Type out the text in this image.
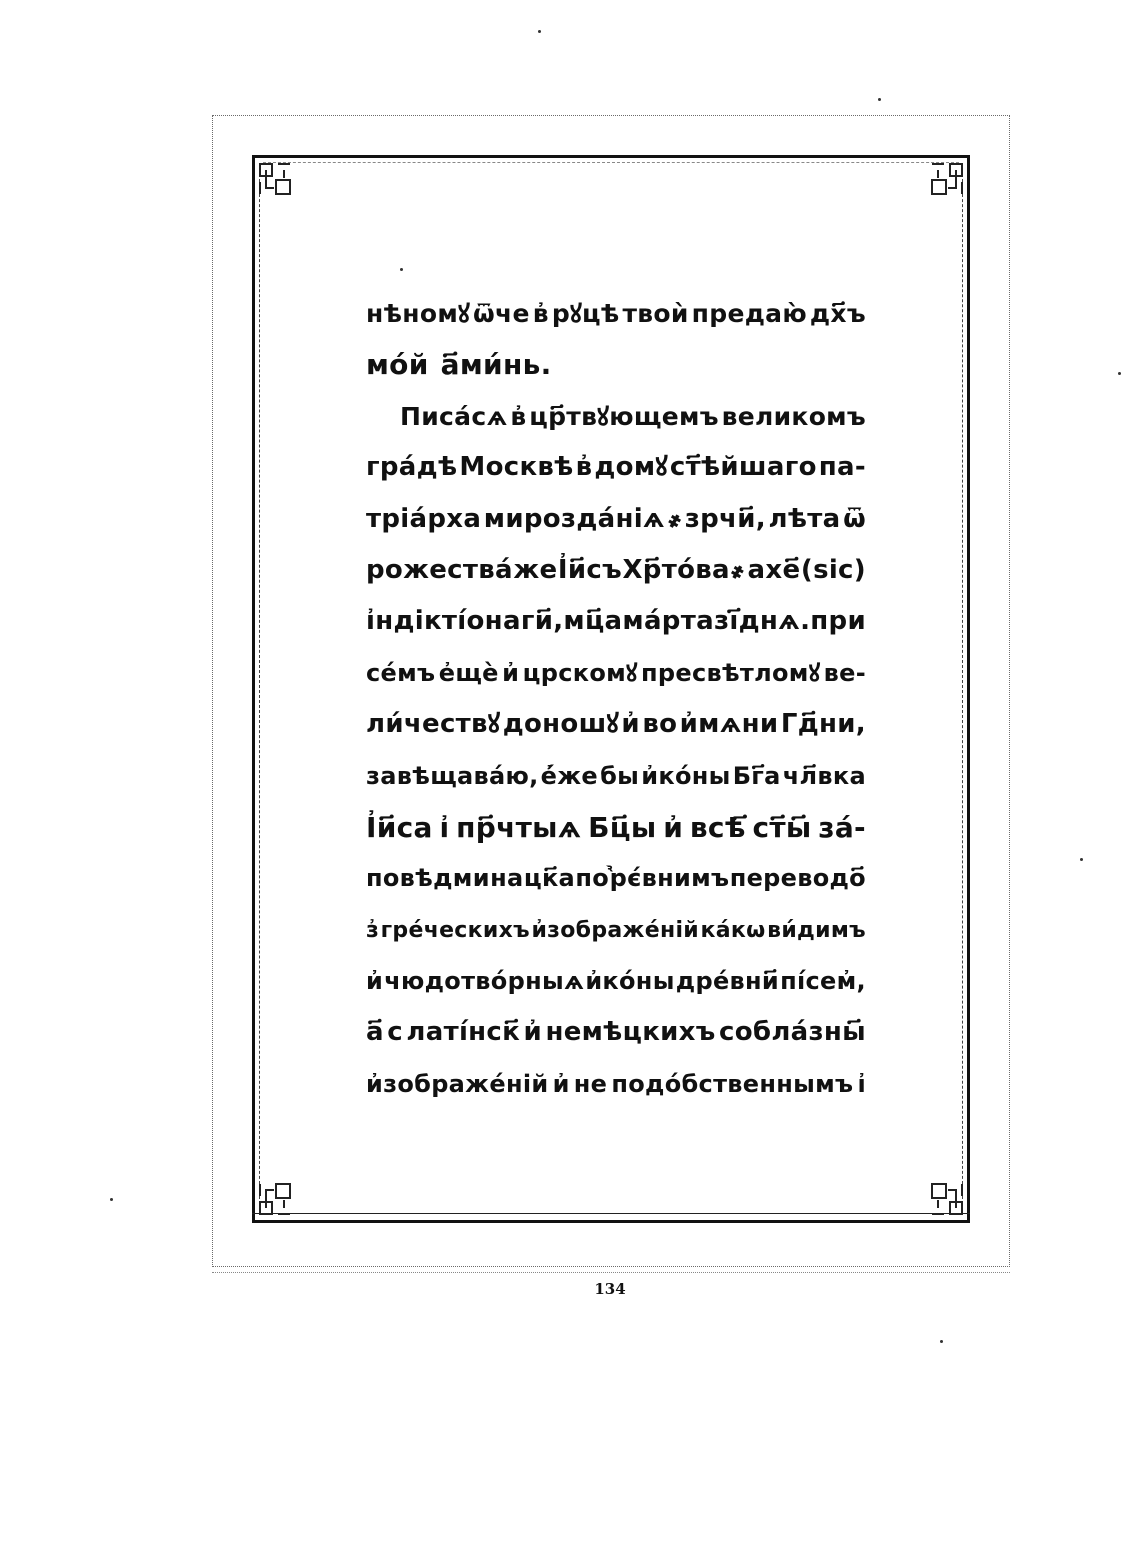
нѣномꙋ ѿче в҆ рꙋцѣ твоѝ предаю̀ дх҃ъ
мо́й а҃ми́нь.
Писа́сѧ в҆ цр҃твꙋющемъ великомъ
гра́дѣ Москвѣ в҆ домꙋ ст҃ѣйшаго па-
тріа́рха мирозда́ніѧ ҂зрчи҃, лѣта ѿ
рожества́ же І҆и҃съ Хр҃то́ва ҂ахе҃ (sic)
і҆ндікті́она ги҃, мц҃а ма́рта зі҃ днѧ. при
се́мъ е҆щѐ и҆ црскомꙋ пресвѣтломꙋ ве-
ли́чествꙋ доношꙋ и҆ во и҆мѧни Гд҃ни,
завѣщава́ю, е҆́же бы и҆ко́ны Бг҃а чл҃вка
І҆и҃са і҆ пр҃чтыѧ Бц҃ы и҆ всѣ҃ ст҃ы҃ за́-
повѣдми на цк҃а по ᷣрє́внимъ переводо҃
з҆ гре́ческихъ и҆зображе́ній ка́кѡ ви́димъ
и҆ чюдотво́рныѧ и҆ко́ны дре́вни҃ пі́сем҆,
а҃ с латі́нск҃ и҆ немѣцкихъ собла́зны҃
и҆зображе́ній и҆ не подо́бственнымъ і҆
134
